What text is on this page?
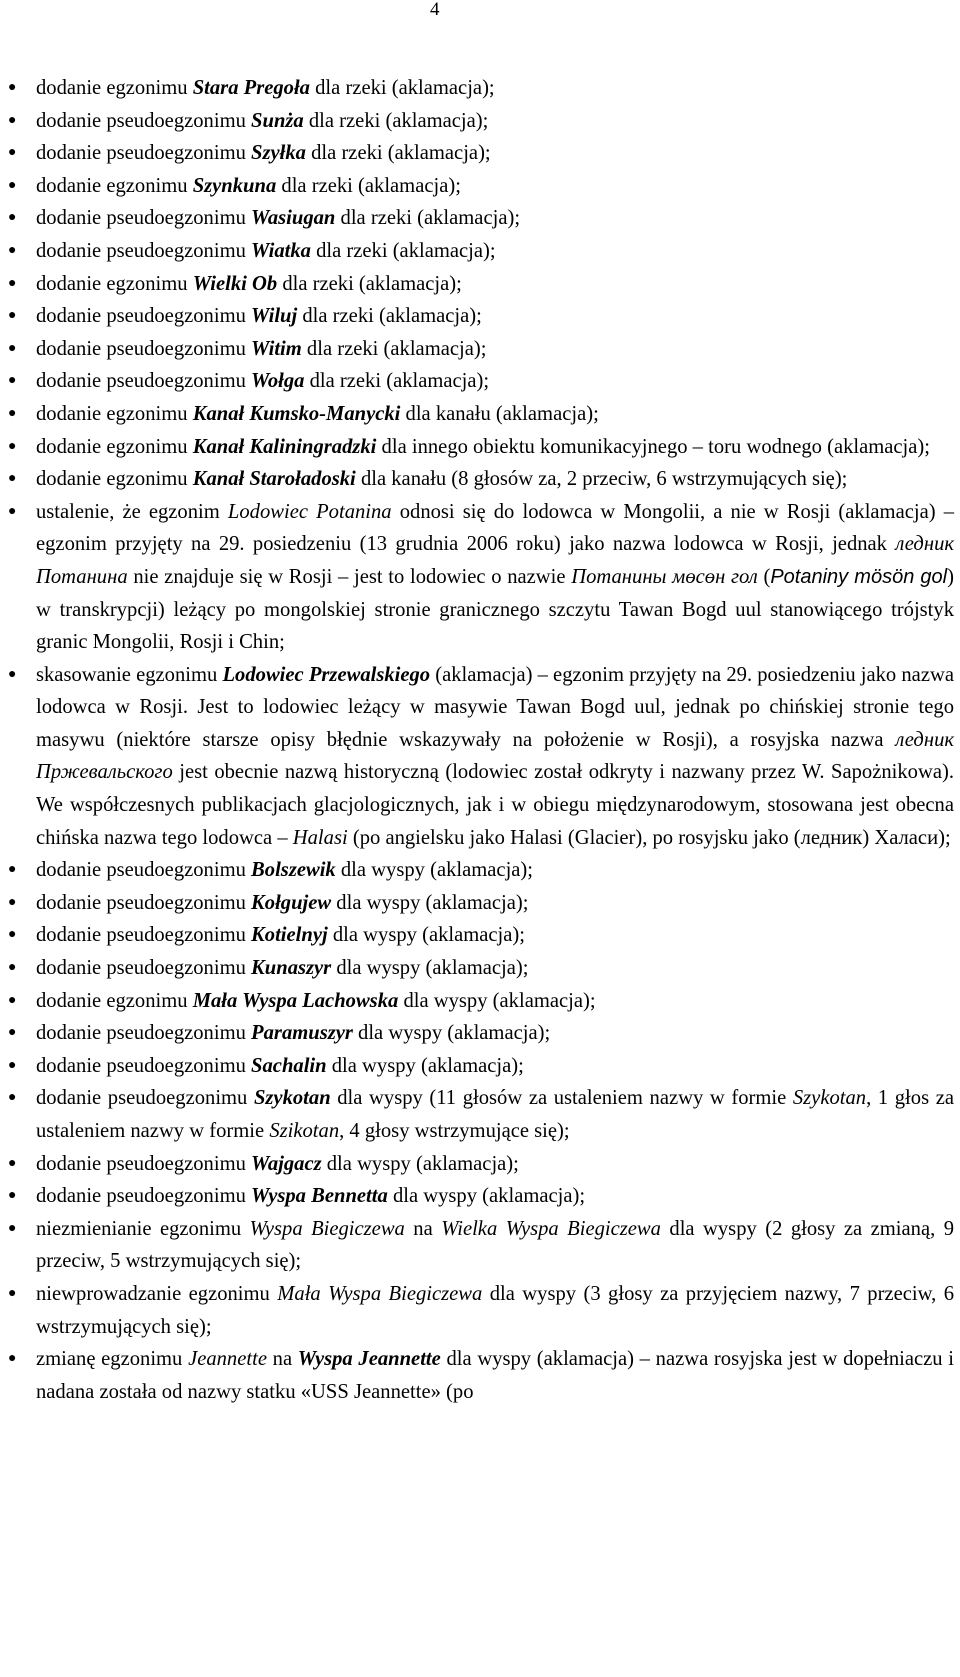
4
● dodanie egzonimu Stara Pregoła dla rzeki (aklamacja);
● dodanie pseudoegzonimu Sunża dla rzeki (aklamacja);
● dodanie pseudoegzonimu Szyłka dla rzeki (aklamacja);
● dodanie egzonimu Szynkuna dla rzeki (aklamacja);
● dodanie pseudoegzonimu Wasiugan dla rzeki (aklamacja);
● dodanie pseudoegzonimu Wiatka dla rzeki (aklamacja);
● dodanie egzonimu Wielki Ob dla rzeki (aklamacja);
● dodanie pseudoegzonimu Wiluj dla rzeki (aklamacja);
● dodanie pseudoegzonimu Witim dla rzeki (aklamacja);
● dodanie pseudoegzonimu Wołga dla rzeki (aklamacja);
● dodanie egzonimu Kanał Kumsko-Manycki dla kanału (aklamacja);
● dodanie egzonimu Kanał Kaliningradzki dla innego obiektu komunikacyjnego – toru wodnego (aklamacja);
● dodanie egzonimu Kanał Staroładoski dla kanału (8 głosów za, 2 przeciw, 6 wstrzymujących się);
● ustalenie, że egzonim Lodowiec Potanina odnosi się do lodowca w Mongolii, a nie w Rosji (aklamacja) – egzonim przyjęty na 29. posiedzeniu (13 grudnia 2006 roku) jako nazwa lodowca w Rosji, jednak ледник Потанина nie znajduje się w Rosji – jest to lodowiec o nazwie Потанины мөсөн гол (Potaniny mösön gol) w transkrypcji) leżący po mongolskiej stronie granicznego szczytu Tawan Bogd uul stanowiącego trójstyk granic Mongolii, Rosji i Chin;
● skasowanie egzonimu Lodowiec Przewalskiego (aklamacja) – egzonim przyjęty na 29. posiedzeniu jako nazwa lodowca w Rosji. Jest to lodowiec leżący w masywie Tawan Bogd uul, jednak po chińskiej stronie tego masywu (niektóre starsze opisy błędnie wskazywały na położenie w Rosji), a rosyjska nazwa ледник Пржевальского jest obecnie nazwą historyczną (lodowiec został odkryty i nazwany przez W. Sapożnikowa). We współczesnych publikacjach glacjologicznych, jak i w obiegu międzynarodowym, stosowana jest obecna chińska nazwa tego lodowca – Halasi (po angielsku jako Halasi (Glacier), po rosyjsku jako (ледник) Халаси);
● dodanie pseudoegzonimu Bolszewik dla wyspy (aklamacja);
● dodanie pseudoegzonimu Kołgujew dla wyspy (aklamacja);
● dodanie pseudoegzonimu Kotielnyj dla wyspy (aklamacja);
● dodanie pseudoegzonimu Kunaszyr dla wyspy (aklamacja);
● dodanie egzonimu Mała Wyspa Lachowska dla wyspy (aklamacja);
● dodanie pseudoegzonimu Paramuszyr dla wyspy (aklamacja);
● dodanie pseudoegzonimu Sachalin dla wyspy (aklamacja);
● dodanie pseudoegzonimu Szykotan dla wyspy (11 głosów za ustaleniem nazwy w formie Szykotan, 1 głos za ustaleniem nazwy w formie Szikotan, 4 głosy wstrzymujące się);
● dodanie pseudoegzonimu Wajgacz dla wyspy (aklamacja);
● dodanie pseudoegzonimu Wyspa Bennetta dla wyspy (aklamacja);
● niezmienianie egzonimu Wyspa Biegiczewa na Wielka Wyspa Biegiczewa dla wyspy (2 głosy za zmianą, 9 przeciw, 5 wstrzymujących się);
● niewprowadzanie egzonimu Mała Wyspa Biegiczewa dla wyspy (3 głosy za przyjęciem nazwy, 7 przeciw, 6 wstrzymujących się);
● zmianę egzonimu Jeannette na Wyspa Jeannette dla wyspy (aklamacja) – nazwa rosyjska jest w dopełniaczu i nadana została od nazwy statku «USS Jeannette» (po
